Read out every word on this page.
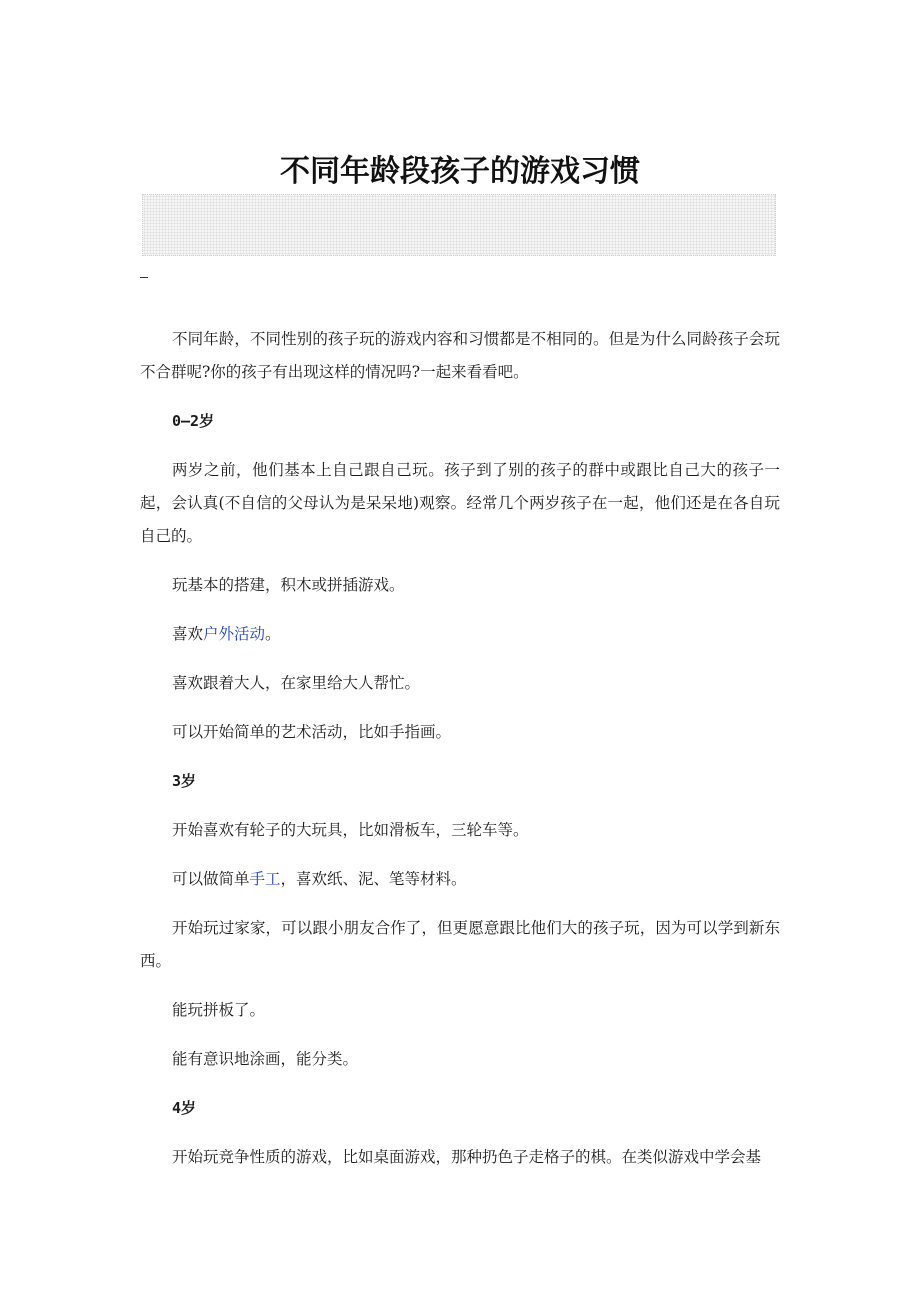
不同年龄段孩子的游戏习惯

不同年龄，不同性别的孩子玩的游戏内容和习惯都是不相同的。但是为什么同龄孩子会玩不合群呢?你的孩子有出现这样的情况吗?一起来看看吧。

0—2岁

两岁之前，他们基本上自己跟自己玩。孩子到了别的孩子的群中或跟比自己大的孩子一起，会认真(不自信的父母认为是呆呆地)观察。经常几个两岁孩子在一起，他们还是在各自玩自己的。

玩基本的搭建，积木或拼插游戏。

喜欢户外活动。

喜欢跟着大人，在家里给大人帮忙。

可以开始简单的艺术活动，比如手指画。

3岁

开始喜欢有轮子的大玩具，比如滑板车，三轮车等。

可以做简单手工，喜欢纸、泥、笔等材料。

开始玩过家家，可以跟小朋友合作了，但更愿意跟比他们大的孩子玩，因为可以学到新东西。

能玩拼板了。

能有意识地涂画，能分类。

4岁

开始玩竞争性质的游戏，比如桌面游戏，那种扔色子走格子的棋。在类似游戏中学会基
